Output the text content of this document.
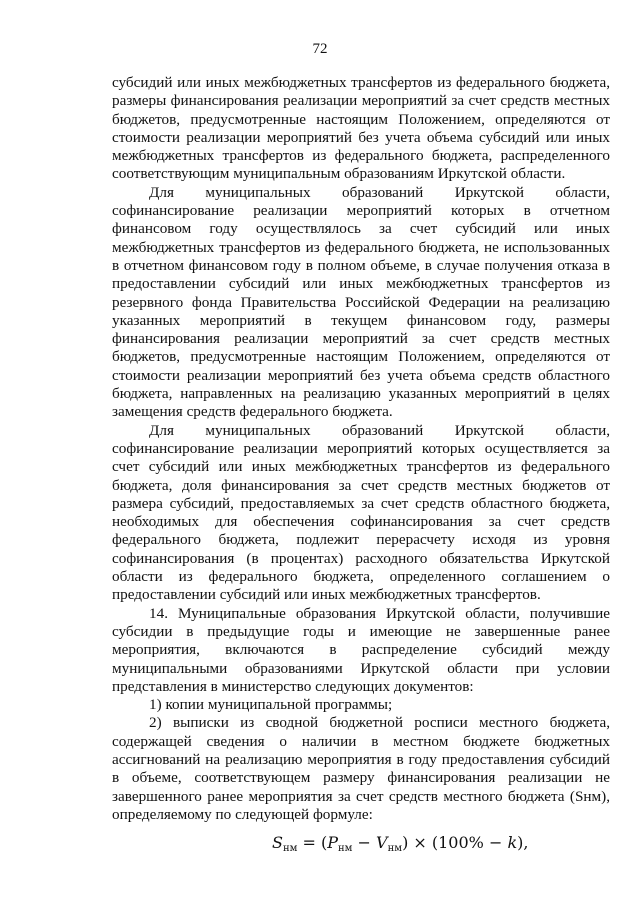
72

субсидий или иных межбюджетных трансфертов из федерального бюджета, размеры финансирования реализации мероприятий за счет средств местных бюджетов, предусмотренные настоящим Положением, определяются от стоимости реализации мероприятий без учета объема субсидий или иных межбюджетных трансфертов из федерального бюджета, распределенного соответствующим муниципальным образованиям Иркутской области.

Для муниципальных образований Иркутской области, софинансирование реализации мероприятий которых в отчетном финансовом году осуществлялось за счет субсидий или иных межбюджетных трансфертов из федерального бюджета, не использованных в отчетном финансовом году в полном объеме, в случае получения отказа в предоставлении субсидий или иных межбюджетных трансфертов из резервного фонда Правительства Российской Федерации на реализацию указанных мероприятий в текущем финансовом году, размеры финансирования реализации мероприятий за счет средств местных бюджетов, предусмотренные настоящим Положением, определяются от стоимости реализации мероприятий без учета объема средств областного бюджета, направленных на реализацию указанных мероприятий в целях замещения средств федерального бюджета.

Для муниципальных образований Иркутской области, софинансирование реализации мероприятий которых осуществляется за счет субсидий или иных межбюджетных трансфертов из федерального бюджета, доля финансирования за счет средств местных бюджетов от размера субсидий, предоставляемых за счет средств областного бюджета, необходимых для обеспечения софинансирования за счет средств федерального бюджета, подлежит перерасчету исходя из уровня софинансирования (в процентах) расходного обязательства Иркутской области из федерального бюджета, определенного соглашением о предоставлении субсидий или иных межбюджетных трансфертов.

14. Муниципальные образования Иркутской области, получившие субсидии в предыдущие годы и имеющие не завершенные ранее мероприятия, включаются в распределение субсидий между муниципальными образованиями Иркутской области при условии представления в министерство следующих документов:

1) копии муниципальной программы;

2) выписки из сводной бюджетной росписи местного бюджета, содержащей сведения о наличии в местном бюджете бюджетных ассигнований на реализацию мероприятия в году предоставления субсидий в объеме, соответствующем размеру финансирования реализации не завершенного ранее мероприятия за счет средств местного бюджета (Sнм), определяемому по следующей формуле:

$S_{нм} = (P_{нм} - V_{нм}) \times (100\% - k)$,
